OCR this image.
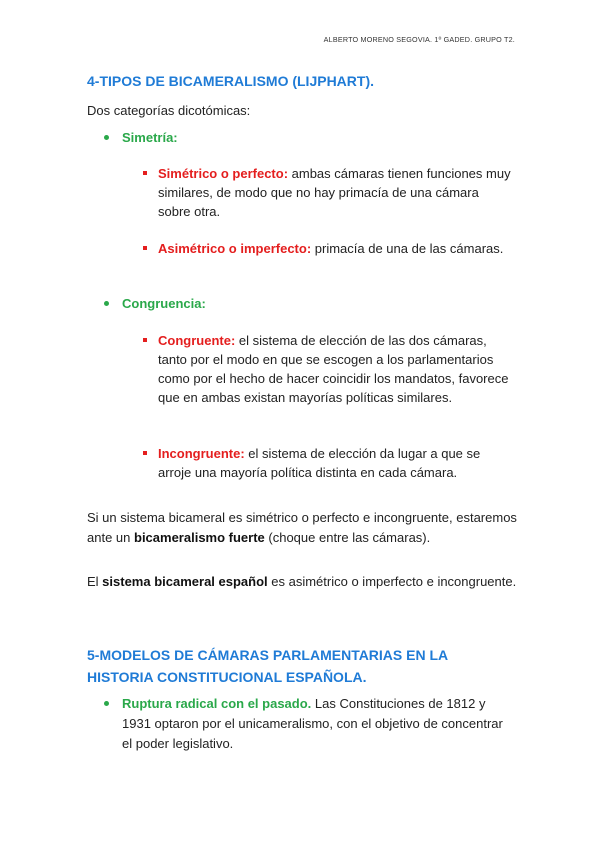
ALBERTO MORENO SEGOVIA. 1º GADED. GRUPO T2.
4-TIPOS DE BICAMERALISMO (LIJPHART).
Dos categorías dicotómicas:
Simetría:
Simétrico o perfecto: ambas cámaras tienen funciones muy similares, de modo que no hay primacía de una cámara sobre otra.
Asimétrico o imperfecto: primacía de una de las cámaras.
Congruencia:
Congruente: el sistema de elección de las dos cámaras, tanto por el modo en que se escogen a los parlamentarios como por el hecho de hacer coincidir los mandatos, favorece que en ambas existan mayorías políticas similares.
Incongruente: el sistema de elección da lugar a que se arroje una mayoría política distinta en cada cámara.
Si un sistema bicameral es simétrico o perfecto e incongruente, estaremos ante un bicameralismo fuerte (choque entre las cámaras).
El sistema bicameral español es asimétrico o imperfecto e incongruente.
5-MODELOS DE CÁMARAS PARLAMENTARIAS EN LA HISTORIA CONSTITUCIONAL ESPAÑOLA.
Ruptura radical con el pasado. Las Constituciones de 1812 y 1931 optaron por el unicameralismo, con el objetivo de concentrar el poder legislativo.
